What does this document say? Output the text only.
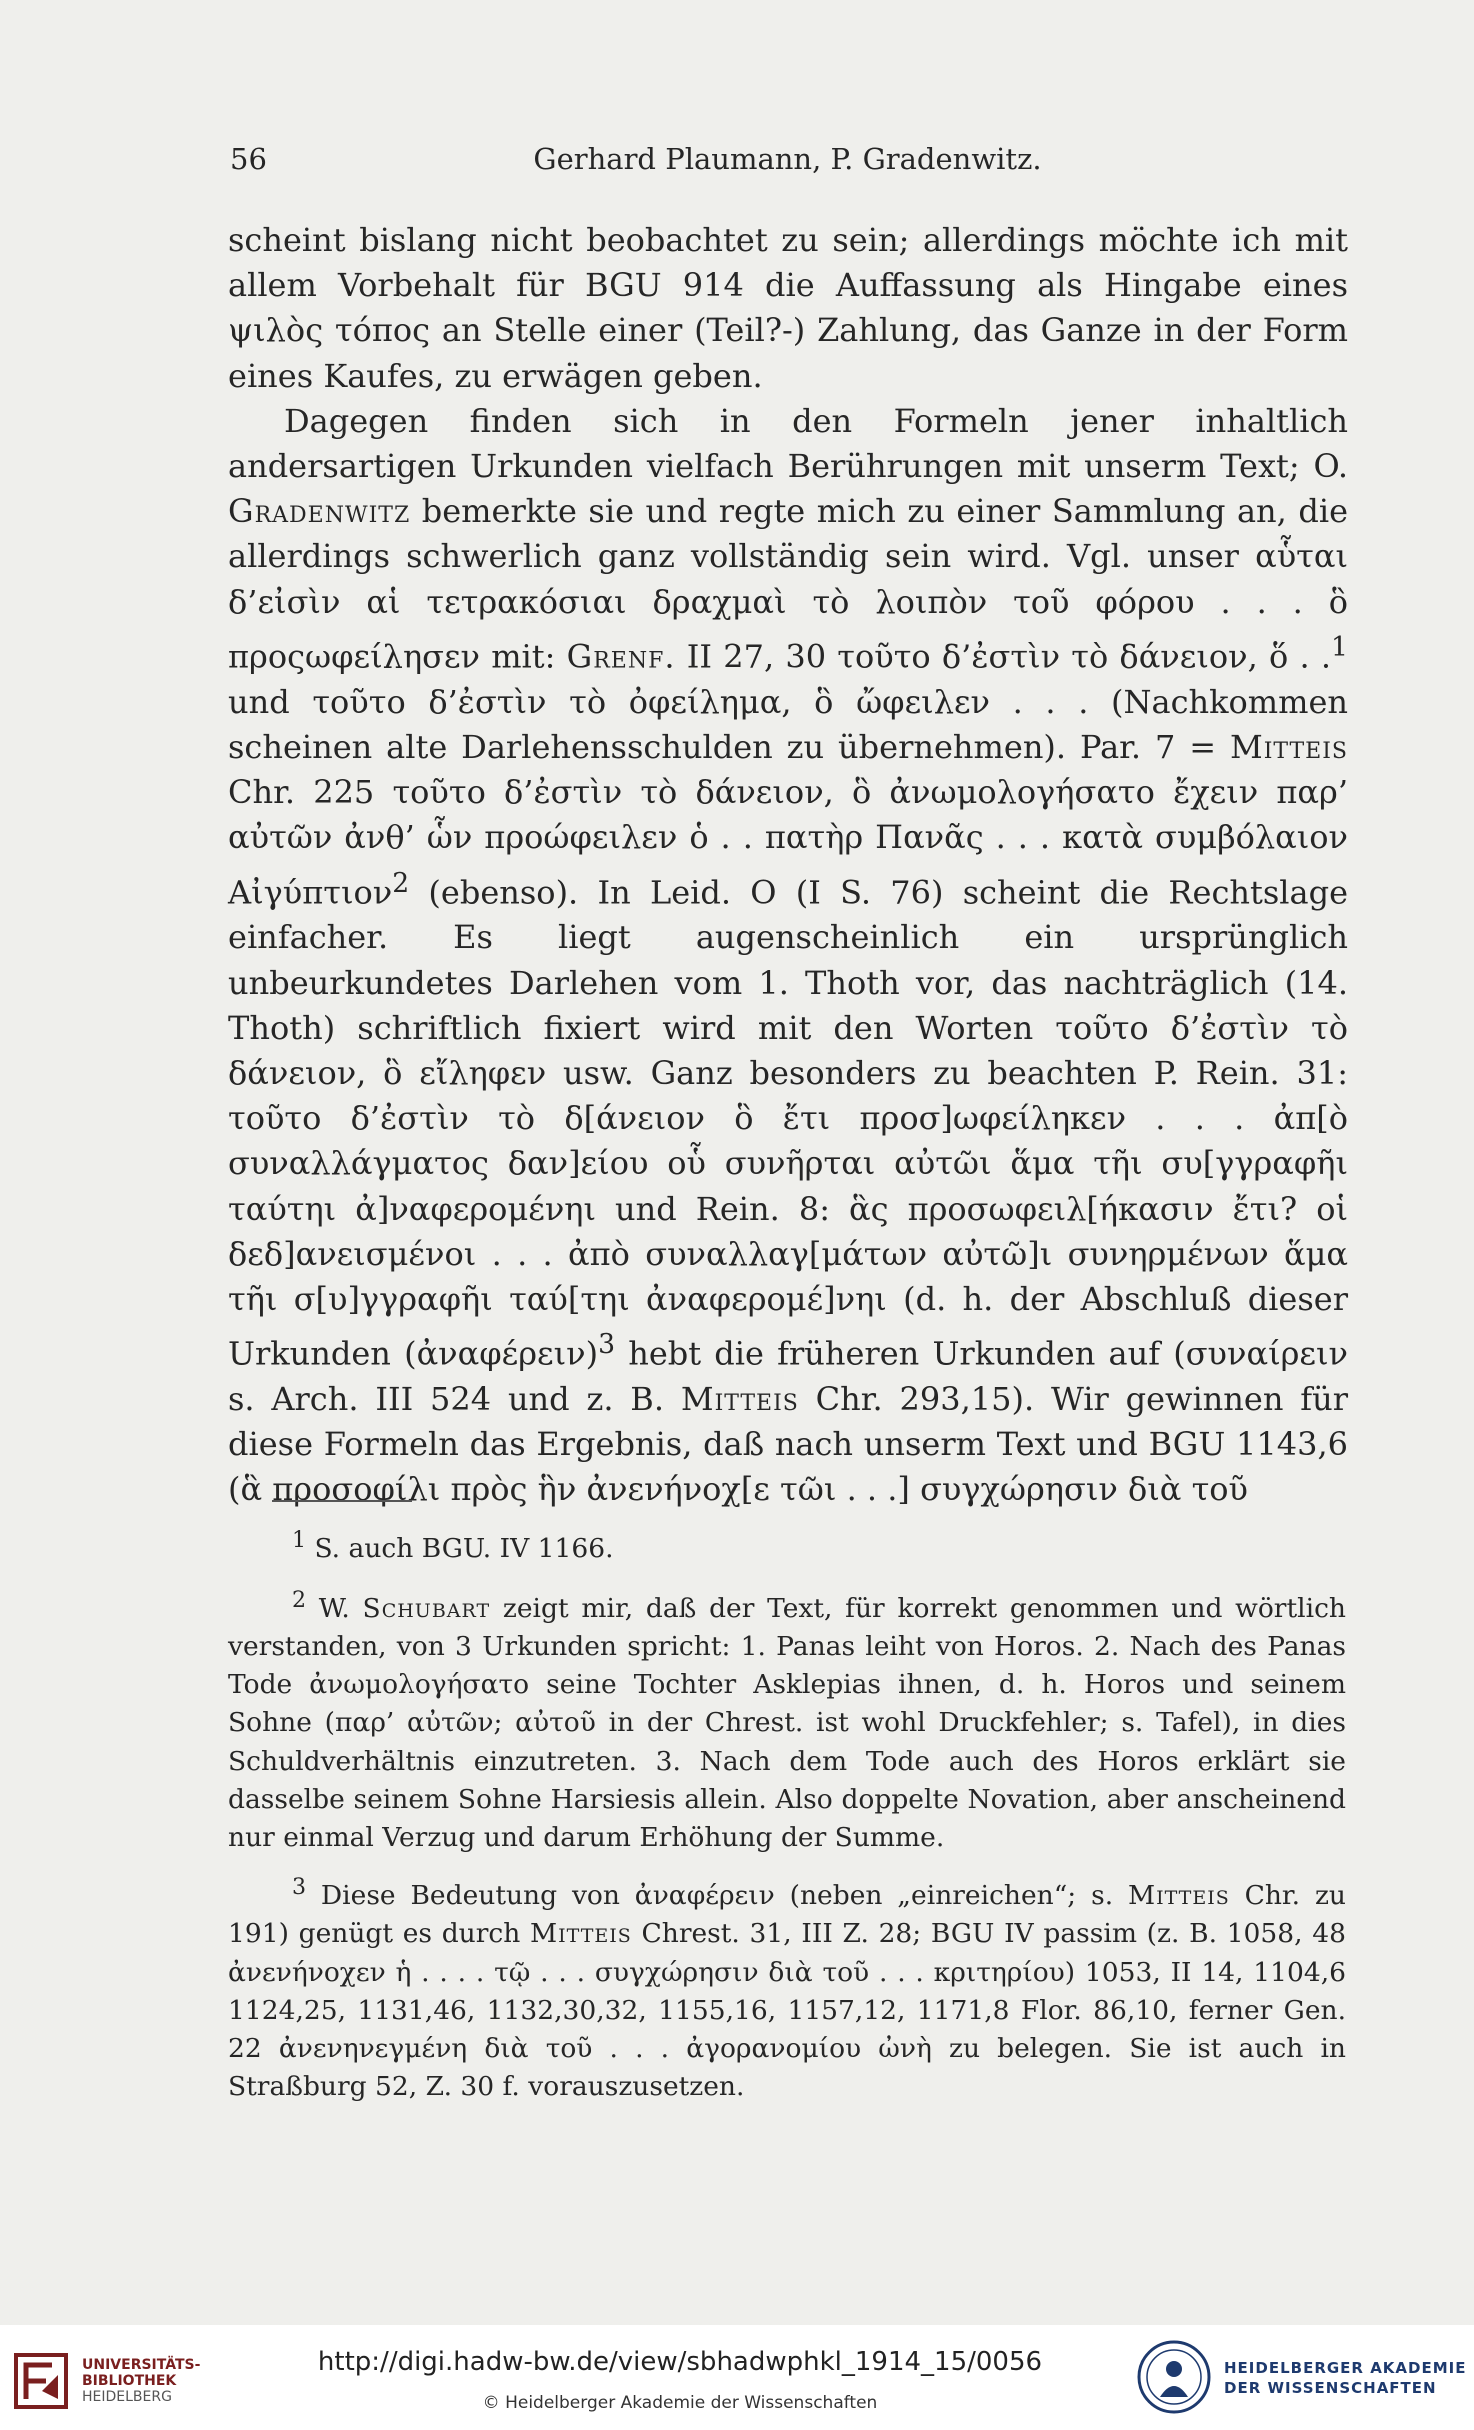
56	Gerhard Plaumann, P. Gradenwitz.

scheint bislang nicht beobachtet zu sein; allerdings möchte ich mit allem Vorbehalt für BGU 914 die Auffassung als Hingabe eines ψιλὸς τόπος an Stelle einer (Teil?-) Zahlung, das Ganze in der Form eines Kaufes, zu erwägen geben.

Dagegen finden sich in den Formeln jener inhaltlich andersartigen Urkunden vielfach Berührungen mit unserm Text; O. Gradenwitz bemerkte sie und regte mich zu einer Sammlung an, die allerdings schwerlich ganz vollständig sein wird. Vgl. unser αὗται δ’εἰσὶν αἱ τετρακόσιαι δραχμαὶ τὸ λοιπὸν τοῦ φόρου . . . ὃ προςωφείλησεν mit: Grenf. II 27, 30 τοῦτο δ’ἐστὶν τὸ δάνειον, ὅ . .$^1$ und τοῦτο δ’ἐστὶν τὸ ὀφείλημα, ὃ ὤφειλεν . . . (Nachkommen scheinen alte Darlehensschulden zu übernehmen). Par. 7 = Mitteis Chr. 225 τοῦτο δ’ἐστὶν τὸ δάνειον, ὃ ἀνωμολογήσατο ἔχειν παρ’ αὐτῶν ἀνθ’ ὧν προώφειλεν ὁ . . πατὴρ Πανᾶς . . . κατὰ συμβόλαιον Αἰγύπτιον$^2$ (ebenso). In Leid. O (I S. 76) scheint die Rechtslage einfacher. Es liegt augenscheinlich ein ursprünglich unbeurkundetes Darlehen vom 1. Thoth vor, das nachträglich (14. Thoth) schriftlich fixiert wird mit den Worten τοῦτο δ’ἐστὶν τὸ δάνειον, ὃ εἴληφεν usw. Ganz besonders zu beachten P. Rein. 31: τοῦτο δ’ἐστὶν τὸ δ[άνειον ὃ ἔτι προσ]ωφείληκεν . . . ἀπ[ὸ συναλλάγματος δαν]είου οὗ συνῆρται αὐτῶι ἅμα τῆι συ[γγραφῆι ταύτηι ἀ]ναφερομένηι und Rein. 8: ἃς προσωφειλ[ήκασιν ἔτι? οἱ δεδ]ανεισμένοι . . . ἀπὸ συναλλαγ[μάτων αὐτῶ]ι συνηρμένων ἅμα τῆι σ[υ]γγραφῆι ταύ[τηι ἀναφερομέ]νηι (d. h. der Abschluß dieser Urkunden (ἀναφέρειν)$^3$ hebt die früheren Urkunden auf (συναίρειν s. Arch. III 524 und z. B. Mitteis Chr. 293,15). Wir gewinnen für diese Formeln das Ergebnis, daß nach unserm Text und BGU 1143,6 (ἃ προσοφίλι πρὸς ἣν ἀνενήνοχ[ε τῶι . . .] συγχώρησιν διὰ τοῦ

$^1$ S. auch BGU. IV 1166.

$^2$ W. Schubart zeigt mir, daß der Text, für korrekt genommen und wörtlich verstanden, von 3 Urkunden spricht: 1. Panas leiht von Horos. 2. Nach des Panas Tode ἀνωμολογήσατο seine Tochter Asklepias ihnen, d. h. Horos und seinem Sohne (παρ’ αὐτῶν; αὐτοῦ in der Chrest. ist wohl Druckfehler; s. Tafel), in dies Schuldverhältnis einzutreten. 3. Nach dem Tode auch des Horos erklärt sie dasselbe seinem Sohne Harsiesis allein. Also doppelte Novation, aber anscheinend nur einmal Verzug und darum Erhöhung der Summe.

$^3$ Diese Bedeutung von ἀναφέρειν (neben „einreichen“; s. Mitteis Chr. zu 191) genügt es durch Mitteis Chrest. 31, III Z. 28; BGU IV passim (z. B. 1058, 48 ἀνενήνοχεν ἡ . . . . τῷ . . . συγχώρησιν διὰ τοῦ . . . κριτηρίου) 1053, II 14, 1104,6 1124,25, 1131,46, 1132,30,32, 1155,16, 1157,12, 1171,8 Flor. 86,10, ferner Gen. 22 ἀνενηνεγμένη διὰ τοῦ . . . ἀγορανομίου ὠνὴ zu belegen. Sie ist auch in Straßburg 52, Z. 30 f. vorauszusetzen.

UNIVERSITÄTS-
BIBLIOTHEK
HEIDELBERG
http://digi.hadw-bw.de/view/sbhadwphkl_1914_15/0056
© Heidelberger Akademie der Wissenschaften
HEIDELBERGER AKADEMIE
DER WISSENSCHAFTEN
